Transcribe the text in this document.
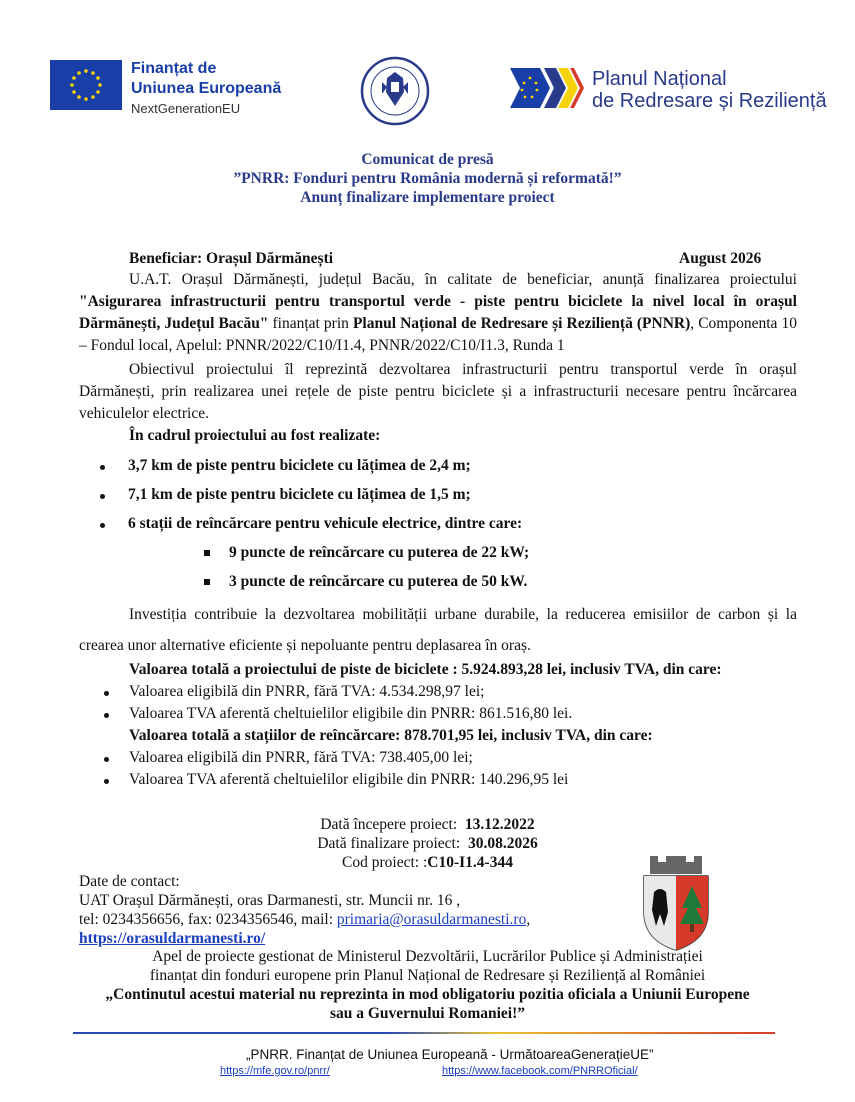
Finanțat de
Uniunea Europeană
NextGenerationEU
Planul Național
de Redresare și Reziliență
Comunicat de presă
”PNRR: Fonduri pentru România modernă și reformată!”
Anunț finalizare implementare proiect
Beneficiar: Orașul Dărmănești	August 2026
U.A.T. Orașul Dărmănești, județul Bacău, în calitate de beneficiar, anunță finalizarea proiectului "Asigurarea infrastructurii pentru transportul verde - piste pentru biciclete la nivel local în orașul Dărmănești, Județul Bacău" finanțat prin Planul Național de Redresare și Reziliență (PNNR), Componenta 10 – Fondul local, Apelul: PNNR/2022/C10/I1.4, PNNR/2022/C10/I1.3, Runda 1
Obiectivul proiectului îl reprezintă dezvoltarea infrastructurii pentru transportul verde în orașul Dărmănești, prin realizarea unei rețele de piste pentru biciclete și a infrastructurii necesare pentru încărcarea vehiculelor electrice.
În cadrul proiectului au fost realizate:
3,7 km de piste pentru biciclete cu lățimea de 2,4 m;
7,1 km de piste pentru biciclete cu lățimea de 1,5 m;
6 stații de reîncărcare pentru vehicule electrice, dintre care:
9 puncte de reîncărcare cu puterea de 22 kW;
3 puncte de reîncărcare cu puterea de 50 kW.
Investiția contribuie la dezvoltarea mobilității urbane durabile, la reducerea emisiilor de carbon și la crearea unor alternative eficiente și nepoluante pentru deplasarea în oraș.
Valoarea totală a proiectului de piste de biciclete : 5.924.893,28 lei, inclusiv TVA, din care:
Valoarea eligibilă din PNRR, fără TVA: 4.534.298,97 lei;
Valoarea TVA aferentă cheltuielilor eligibile din PNRR: 861.516,80 lei.
Valoarea totală a stațiilor de reîncărcare: 878.701,95 lei, inclusiv TVA, din care:
Valoarea eligibilă din PNRR, fără TVA: 738.405,00 lei;
Valoarea TVA aferentă cheltuielilor eligibile din PNRR: 140.296,95 lei
Dată începere proiect: 13.12.2022
Dată finalizare proiect: 30.08.2026
Cod proiect: :C10-I1.4-344
Date de contact:
UAT Orașul Dărmănești, oras Darmanesti, str. Muncii nr. 16 ,
tel: 0234356656, fax: 0234356546, mail: primaria@orasuldarmanesti.ro,
https://orasuldarmanesti.ro/
Apel de proiecte gestionat de Ministerul Dezvoltării, Lucrărilor Publice și Administrației
finanțat din fonduri europene prin Planul Național de Redresare și Reziliență al României
„Continutul acestui material nu reprezinta in mod obligatoriu pozitia oficiala a Uniunii Europene
sau a Guvernului Romaniei!”
„PNRR. Finanțat de Uniunea Europeană - UrmătoareaGenerațieUE”
https://mfe.gov.ro/pnrr/	https://www.facebook.com/PNRROficial/
